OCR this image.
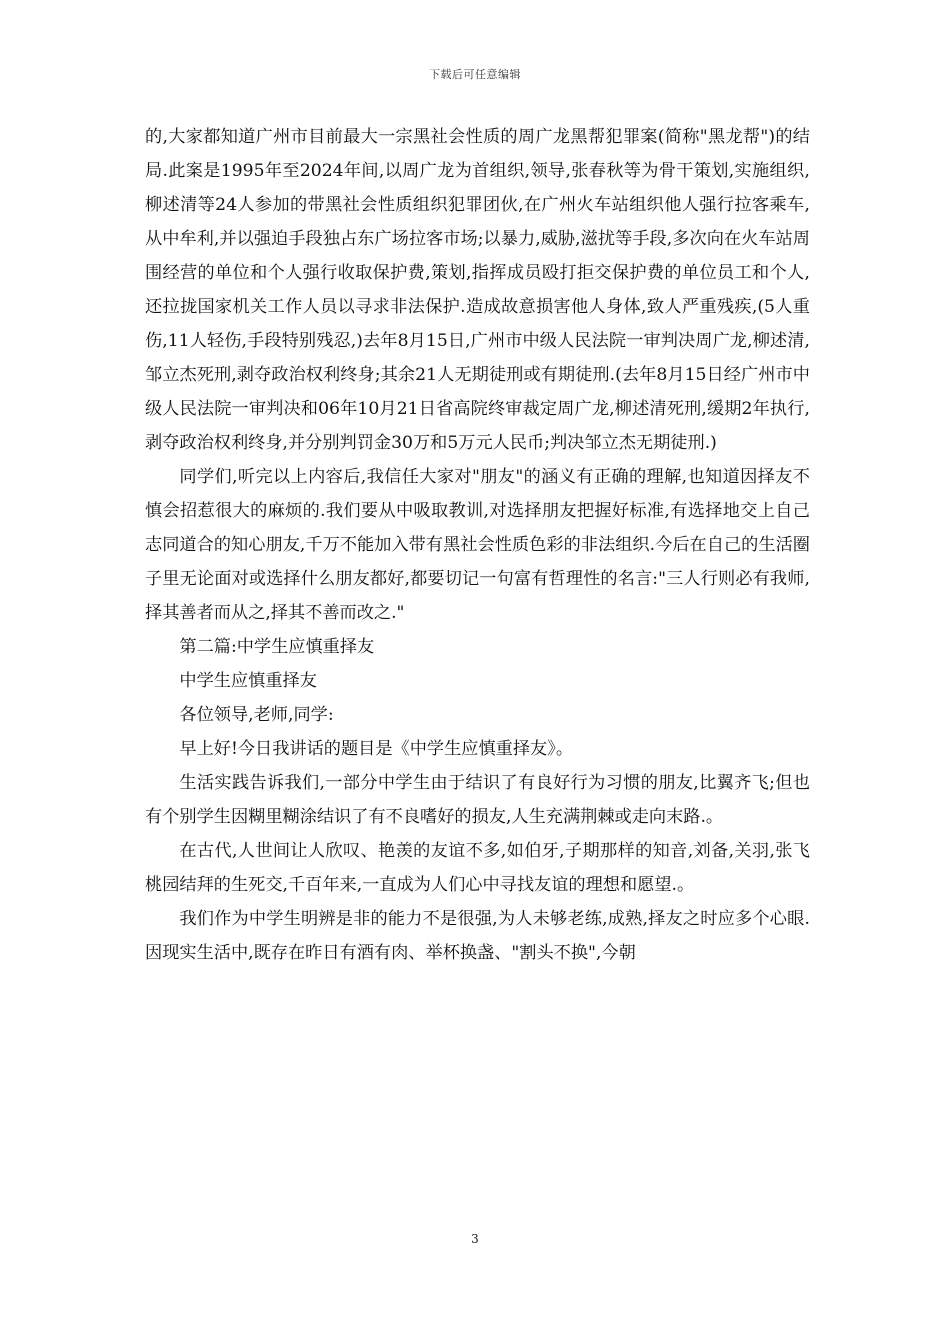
下载后可任意编辑

的,大家都知道广州市目前最大一宗黑社会性质的周广龙黑帮犯罪案(简称"黑龙帮")的结局.此案是1995年至2024年间,以周广龙为首组织,领导,张春秋等为骨干策划,实施组织,柳述清等24人参加的带黑社会性质组织犯罪团伙,在广州火车站组织他人强行拉客乘车,从中牟利,并以强迫手段独占东广场拉客市场;以暴力,威胁,滋扰等手段,多次向在火车站周围经营的单位和个人强行收取保护费,策划,指挥成员殴打拒交保护费的单位员工和个人,还拉拢国家机关工作人员以寻求非法保护.造成故意损害他人身体,致人严重残疾,(5人重伤,11人轻伤,手段特别残忍,)去年8月15日,广州市中级人民法院一审判决周广龙,柳述清,邹立杰死刑,剥夺政治权利终身;其余21人无期徒刑或有期徒刑.(去年8月15日经广州市中级人民法院一审判决和06年10月21日省高院终审裁定周广龙,柳述清死刑,缓期2年执行,剥夺政治权利终身,并分别判罚金30万和5万元人民币;判决邹立杰无期徒刑.)

同学们,听完以上内容后,我信任大家对"朋友"的涵义有正确的理解,也知道因择友不慎会招惹很大的麻烦的.我们要从中吸取教训,对选择朋友把握好标准,有选择地交上自己志同道合的知心朋友,千万不能加入带有黑社会性质色彩的非法组织.今后在自己的生活圈子里无论面对或选择什么朋友都好,都要切记一句富有哲理性的名言:"三人行则必有我师,择其善者而从之,择其不善而改之."

第二篇:中学生应慎重择友

中学生应慎重择友

各位领导,老师,同学:

早上好!今日我讲话的题目是《中学生应慎重择友》。

生活实践告诉我们,一部分中学生由于结识了有良好行为习惯的朋友,比翼齐飞;但也有个别学生因糊里糊涂结识了有不良嗜好的损友,人生充满荆棘或走向末路.。

在古代,人世间让人欣叹、艳羡的友谊不多,如伯牙,子期那样的知音,刘备,关羽,张飞桃园结拜的生死交,千百年来,一直成为人们心中寻找友谊的理想和愿望.。

我们作为中学生明辨是非的能力不是很强,为人未够老练,成熟,择友之时应多个心眼.因现实生活中,既存在昨日有酒有肉、举杯换盏、"割头不换",今朝

3
